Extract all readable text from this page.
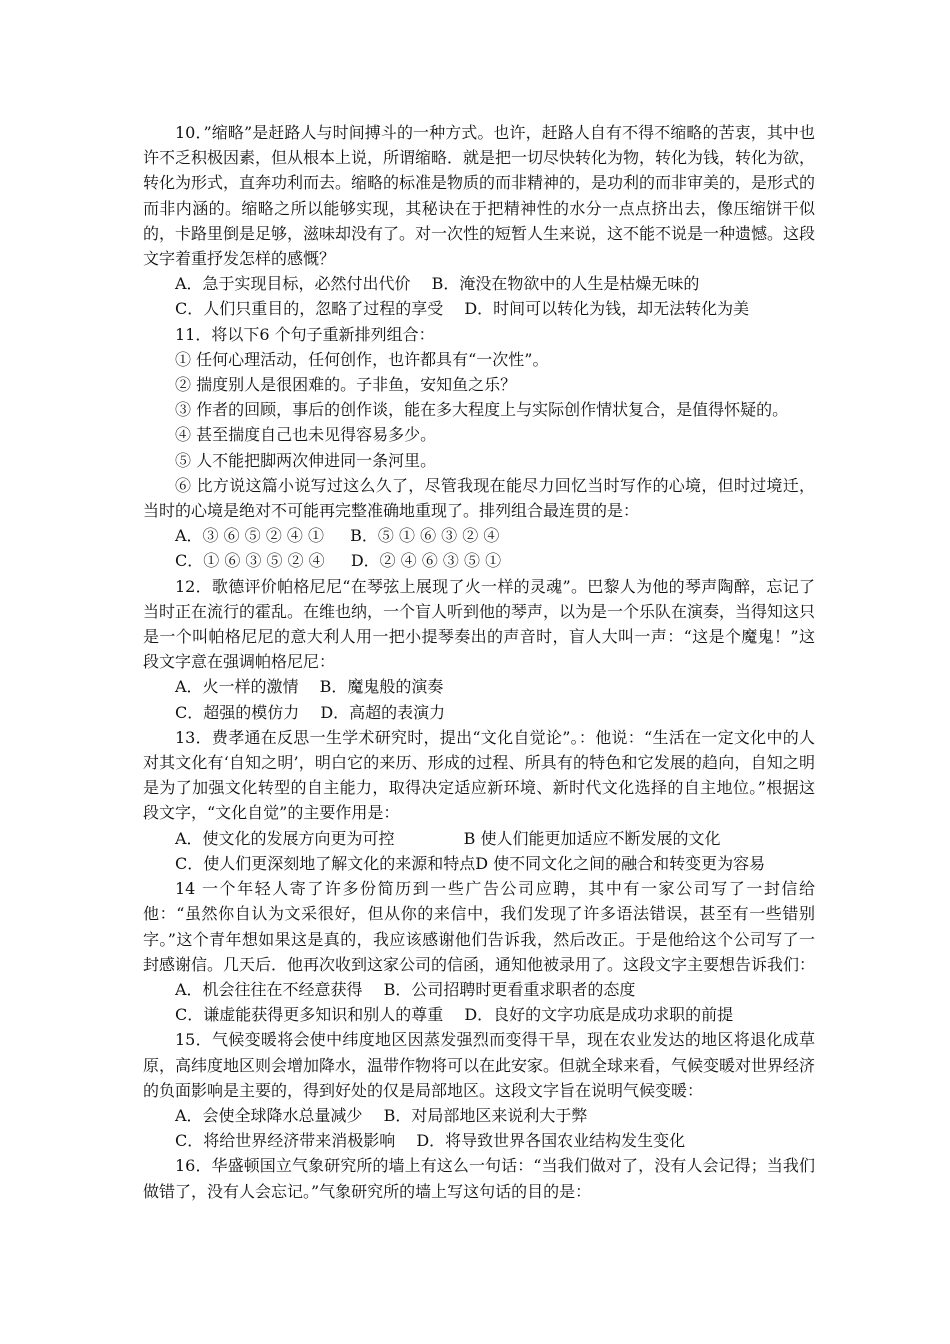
10．”缩略”是赶路人与时间搏斗的一种方式。也许，赶路人自有不得不缩略的苦衷，其中也许不乏积极因素，但从根本上说，所谓缩略．就是把一切尽快转化为物，转化为钱，转化为欲，转化为形式，直奔功利而去。缩略的标准是物质的而非精神的，是功利的而非审美的，是形式的而非内涵的。缩略之所以能够实现，其秘诀在于把精神性的水分一点点挤出去，像压缩饼干似的，卡路里倒是足够，滋味却没有了。对一次性的短暂人生来说，这不能不说是一种遗憾。这段文字着重抒发怎样的感慨？

A．急于实现目标，必然付出代价　 B．淹没在物欲中的人生是枯燥无味的

C．人们只重目的，忽略了过程的享受　 D．时间可以转化为钱，却无法转化为美

11．将以下6 个句子重新排列组合：

① 任何心理活动，任何创作，也许都具有“一次性”。

② 揣度别人是很困难的。子非鱼，安知鱼之乐？

③ 作者的回顾，事后的创作谈，能在多大程度上与实际创作情状复合，是值得怀疑的。

④ 甚至揣度自己也未见得容易多少。

⑤ 人不能把脚两次伸进同一条河里。

⑥ 比方说这篇小说写过这么久了，尽管我现在能尽力回忆当时写作的心境，但时过境迁，当时的心境是绝对不可能再完整准确地重现了。排列组合最连贯的是：

A．③ ⑥ ⑤ ② ④ ①　  B．⑤ ① ⑥ ③ ② ④

C．① ⑥ ③ ⑤ ② ④　  D．② ④ ⑥ ③ ⑤ ①

12．歌德评价帕格尼尼“在琴弦上展现了火一样的灵魂”。巴黎人为他的琴声陶醉，忘记了当时正在流行的霍乱。在维也纳，一个盲人听到他的琴声，以为是一个乐队在演奏，当得知这只是一个叫帕格尼尼的意大利人用一把小提琴奏出的声音时，盲人大叫一声：“这是个魔鬼！”这段文字意在强调帕格尼尼：

A．火一样的激情　 B．魔鬼般的演奏

C．超强的模仿力　 D．高超的表演力

13．费孝通在反思一生学术研究时，提出“文化自觉论”。：他说：“生活在一定文化中的人对其文化有‘自知之明’，明白它的来历、形成的过程、所具有的特色和它发展的趋向，自知之明是为了加强文化转型的自主能力，取得决定适应新环境、新时代文化选择的自主地位。”根据这段文字，“文化自觉”的主要作用是：

A．使文化的发展方向更为可控　　　　 B 使人们能更加适应不断发展的文化

C．使人们更深刻地了解文化的来源和特点D 使不同文化之间的融合和转变更为容易

14 一个年轻人寄了许多份简历到一些广告公司应聘，其中有一家公司写了一封信给他：“虽然你自认为文采很好，但从你的来信中，我们发现了许多语法错误，甚至有一些错别字。”这个青年想如果这是真的，我应该感谢他们告诉我，然后改正。于是他给这个公司写了一封感谢信。几天后．他再次收到这家公司的信函，通知他被录用了。这段文字主要想告诉我们：

A．机会往往在不经意获得　 B．公司招聘时更看重求职者的态度

C．谦虚能获得更多知识和别人的尊重　 D．良好的文字功底是成功求职的前提

15．气候变暖将会使中纬度地区因蒸发强烈而变得干旱，现在农业发达的地区将退化成草原，高纬度地区则会增加降水，温带作物将可以在此安家。但就全球来看，气候变暖对世界经济的负面影响是主要的，得到好处的仅是局部地区。这段文字旨在说明气候变暖：

A．会使全球降水总量减少　 B．对局部地区来说利大于弊

C．将给世界经济带来消极影响　 D．将导致世界各国农业结构发生变化

16．华盛顿国立气象研究所的墙上有这么一句话：“当我们做对了，没有人会记得；当我们做错了，没有人会忘记。”气象研究所的墙上写这句话的目的是：
